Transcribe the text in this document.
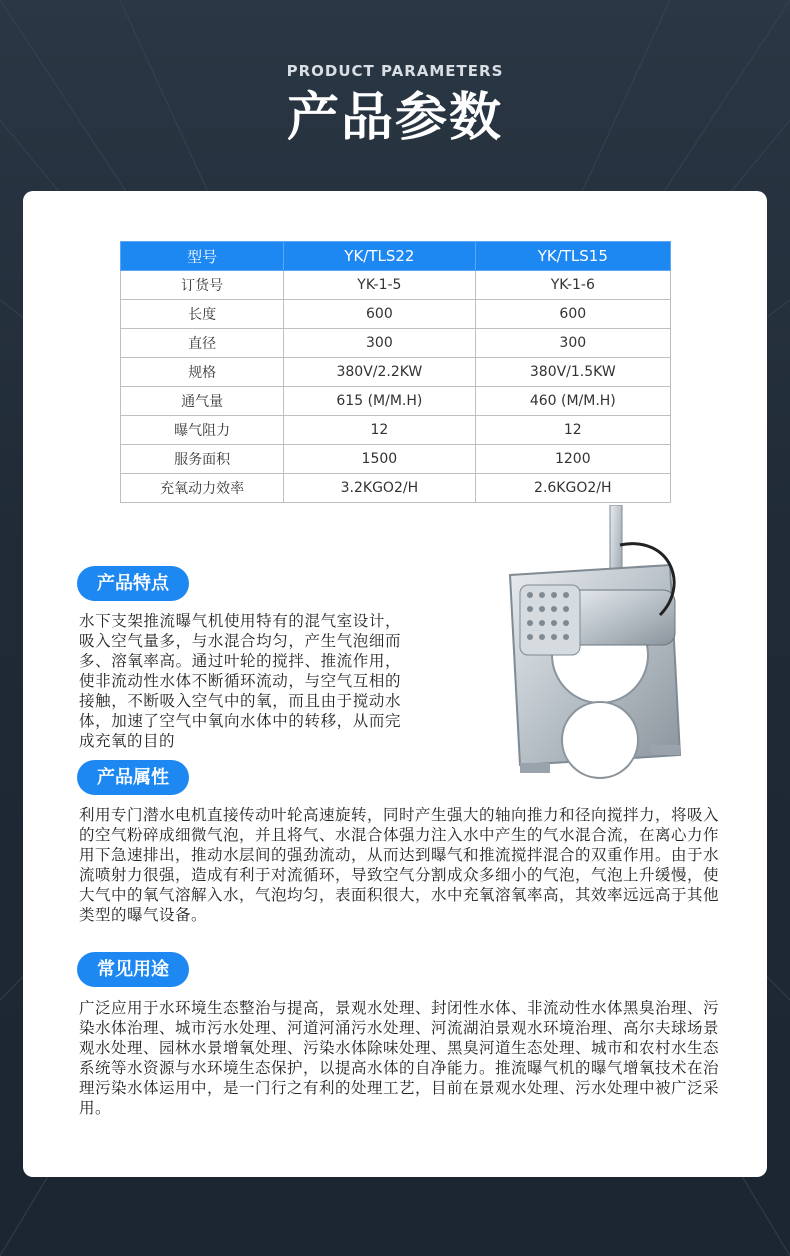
PRODUCT PARAMETERS
产品参数
型号	YK/TLS22	YK/TLS15
订货号	YK-1-5	YK-1-6
长度	600	600
直径	300	300
规格	380V/2.2KW	380V/1.5KW
通气量	615 (M/M.H)	460 (M/M.H)
曝气阻力	12	12
服务面积	1500	1200
充氧动力效率	3.2KGO2/H	2.6KGO2/H
产品特点
水下支架推流曝气机使用特有的混气室设计，吸入空气量多，与水混合均匀，产生气泡细而多、溶氧率高。通过叶轮的搅拌、推流作用，使非流动性水体不断循环流动，与空气互相的接触，不断吸入空气中的氧，而且由于搅动水体，加速了空气中氧向水体中的转移，从而完成充氧的目的
产品属性
利用专门潜水电机直接传动叶轮高速旋转，同时产生强大的轴向推力和径向搅拌力，将吸入的空气粉碎成细微气泡，并且将气、水混合体强力注入水中产生的气水混合流，在离心力作用下急速排出，推动水层间的强劲流动，从而达到曝气和推流搅拌混合的双重作用。由于水流喷射力很强，造成有利于对流循环，导致空气分割成众多细小的气泡，气泡上升缓慢，使大气中的氧气溶解入水，气泡均匀，表面积很大，水中充氧溶氧率高，其效率远远高于其他类型的曝气设备。
常见用途
广泛应用于水环境生态整治与提高，景观水处理、封闭性水体、非流动性水体黑臭治理、污染水体治理、城市污水处理、河道河涌污水处理、河流湖泊景观水环境治理、高尔夫球场景观水处理、园林水景增氧处理、污染水体除味处理、黑臭河道生态处理、城市和农村水生态系统等水资源与水环境生态保护，以提高水体的自净能力。推流曝气机的曝气增氧技术在治理污染水体运用中，是一门行之有利的处理工艺，目前在景观水处理、污水处理中被广泛采用。
